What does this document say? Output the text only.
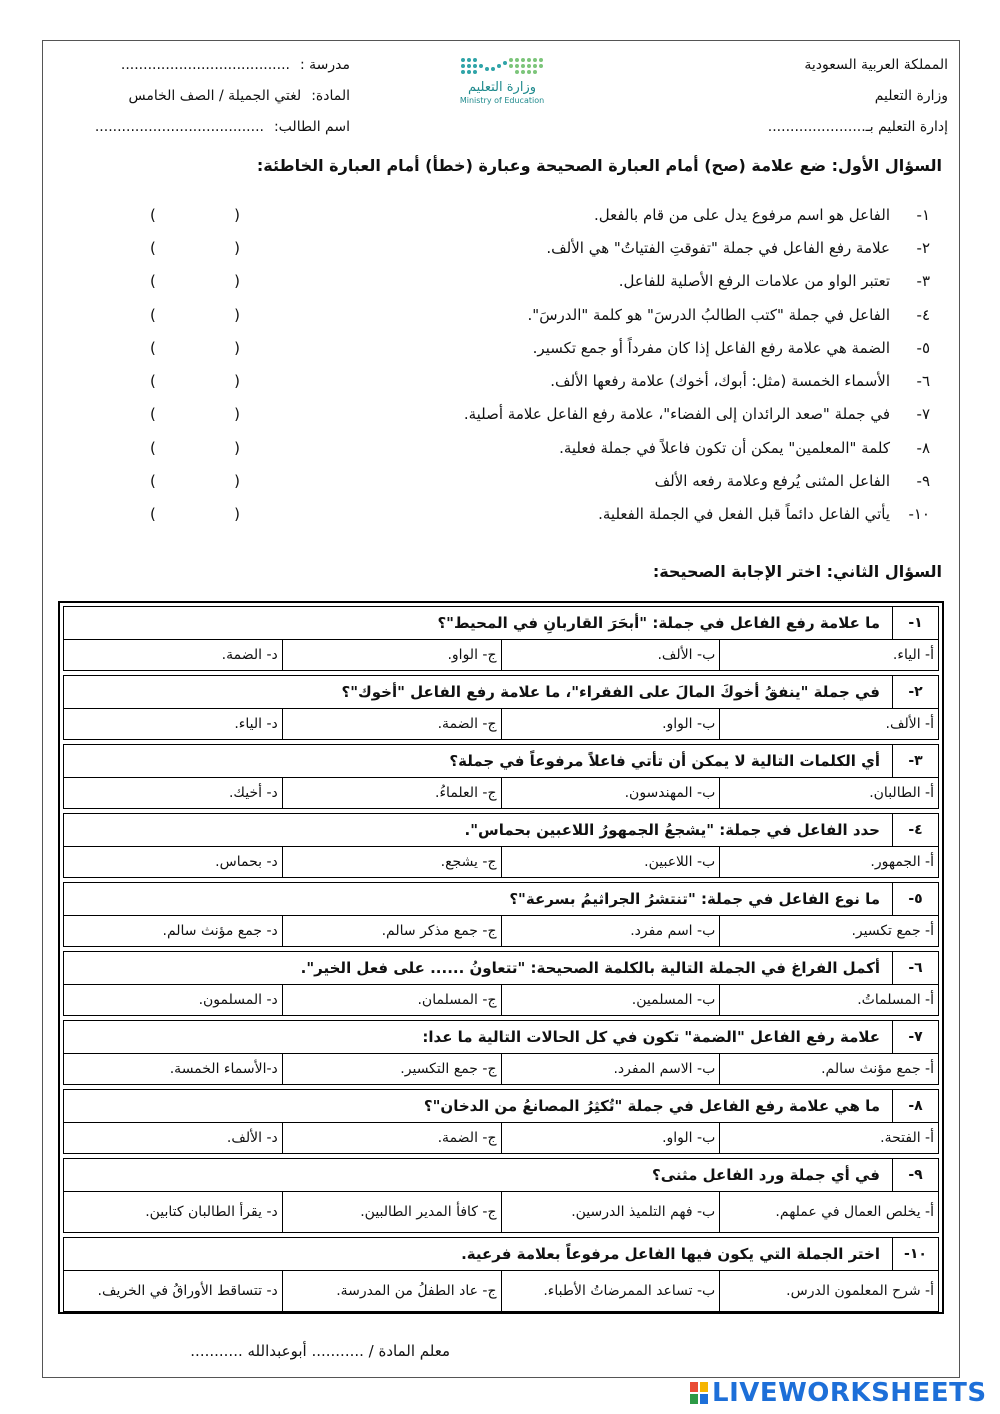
المملكة العربية السعودية
وزارة التعليم
إدارة التعليم بـ......................
وزارة التعليم
Ministry of Education
مدرسة :......................................
المادة:لغتي الجميلة / الصف الخامس
اسم الطالب:......................................
السؤال الأول: ضع علامة (صح) أمام العبارة الصحيحة وعبارة (خطأ) أمام العبارة الخاطئة:
١-
الفاعل هو اسم مرفوع يدل على من قام بالفعل.
(
)
٢-
علامة رفع الفاعل في جملة "تفوقتِ الفتياتُ" هي الألف.
(
)
٣-
تعتبر الواو من علامات الرفع الأصلية للفاعل.
(
)
٤-
الفاعل في جملة "كتب الطالبُ الدرسَ" هو كلمة "الدرسَ".
(
)
٥-
الضمة هي علامة رفع الفاعل إذا كان مفرداً أو جمع تكسير.
(
)
٦-
الأسماء الخمسة (مثل: أبوك، أخوك) علامة رفعها الألف.
(
)
٧-
في جملة "صعد الرائدان إلى الفضاء"، علامة رفع الفاعل علامة أصلية.
(
)
٨-
كلمة "المعلمين" يمكن أن تكون فاعلاً في جملة فعلية.
(
)
٩-
الفاعل المثنى يُرفع وعلامة رفعه الألف
(
)
١٠-
يأتي الفاعل دائماً قبل الفعل في الجملة الفعلية.
(
)
السؤال الثاني: اختر الإجابة الصحيحة:
١-
ما علامة رفع الفاعل في جملة: "أبحَرَ القاربانِ في المحيط"؟
أ- الياء.
ب- الألف.
ج- الواو.
د- الضمة.
٢-
في جملة "ينفقُ أخوكَ المالَ على الفقراء"، ما علامة رفع الفاعل "أخوك"؟
أ- الألف.
ب- الواو.
ج- الضمة.
د- الياء.
٣-
أي الكلمات التالية لا يمكن أن تأتي فاعلاً مرفوعاً في جملة؟
أ- الطالبان.
ب- المهندسون.
ج- العلماءُ.
د- أخيك.
٤-
حدد الفاعل في جملة: "يشجعُ الجمهورُ اللاعبين بحماس".
أ- الجمهور.
ب- اللاعبين.
ج- يشجع.
د- بحماس.
٥-
ما نوع الفاعل في جملة: "تنتشرُ الجراثيمُ بسرعة"؟
أ- جمع تكسير.
ب- اسم مفرد.
ج- جمع مذكر سالم.
د- جمع مؤنث سالم.
٦-
أكمل الفراغ في الجملة التالية بالكلمة الصحيحة: "تتعاونُ ...... على فعل الخير".
أ- المسلماتُ.
ب- المسلمين.
ج- المسلمان.
د- المسلمون.
٧-
علامة رفع الفاعل "الضمة" تكون في كل الحالات التالية ما عدا:
أ- جمع مؤنث سالم.
ب- الاسم المفرد.
ج- جمع التكسير.
د-الأسماء الخمسة.
٨-
ما هي علامة رفع الفاعل في جملة "تُكثِرُ المصانعُ من الدخان"؟
أ- الفتحة.
ب- الواو.
ج- الضمة.
د- الألف.
٩-
في أي جملة ورد الفاعل مثنى؟
أ- يخلص العمال في عملهم.
ب- فهم التلميذ الدرسين.
ج- كافأ المدير الطالبين.
د- يقرأ الطالبان كتابين.
١٠-
اختر الجملة التي يكون فيها الفاعل مرفوعاً بعلامة فرعية.
أ- شرح المعلمون الدرس.
ب- تساعد الممرضاتُ الأطباء.
ج- عاد الطفلُ من المدرسة.
د- تتساقط الأوراقُ في الخريف.
معلم المادة / ........... أبوعبدالله ...........
LIVEWORKSHEETS
